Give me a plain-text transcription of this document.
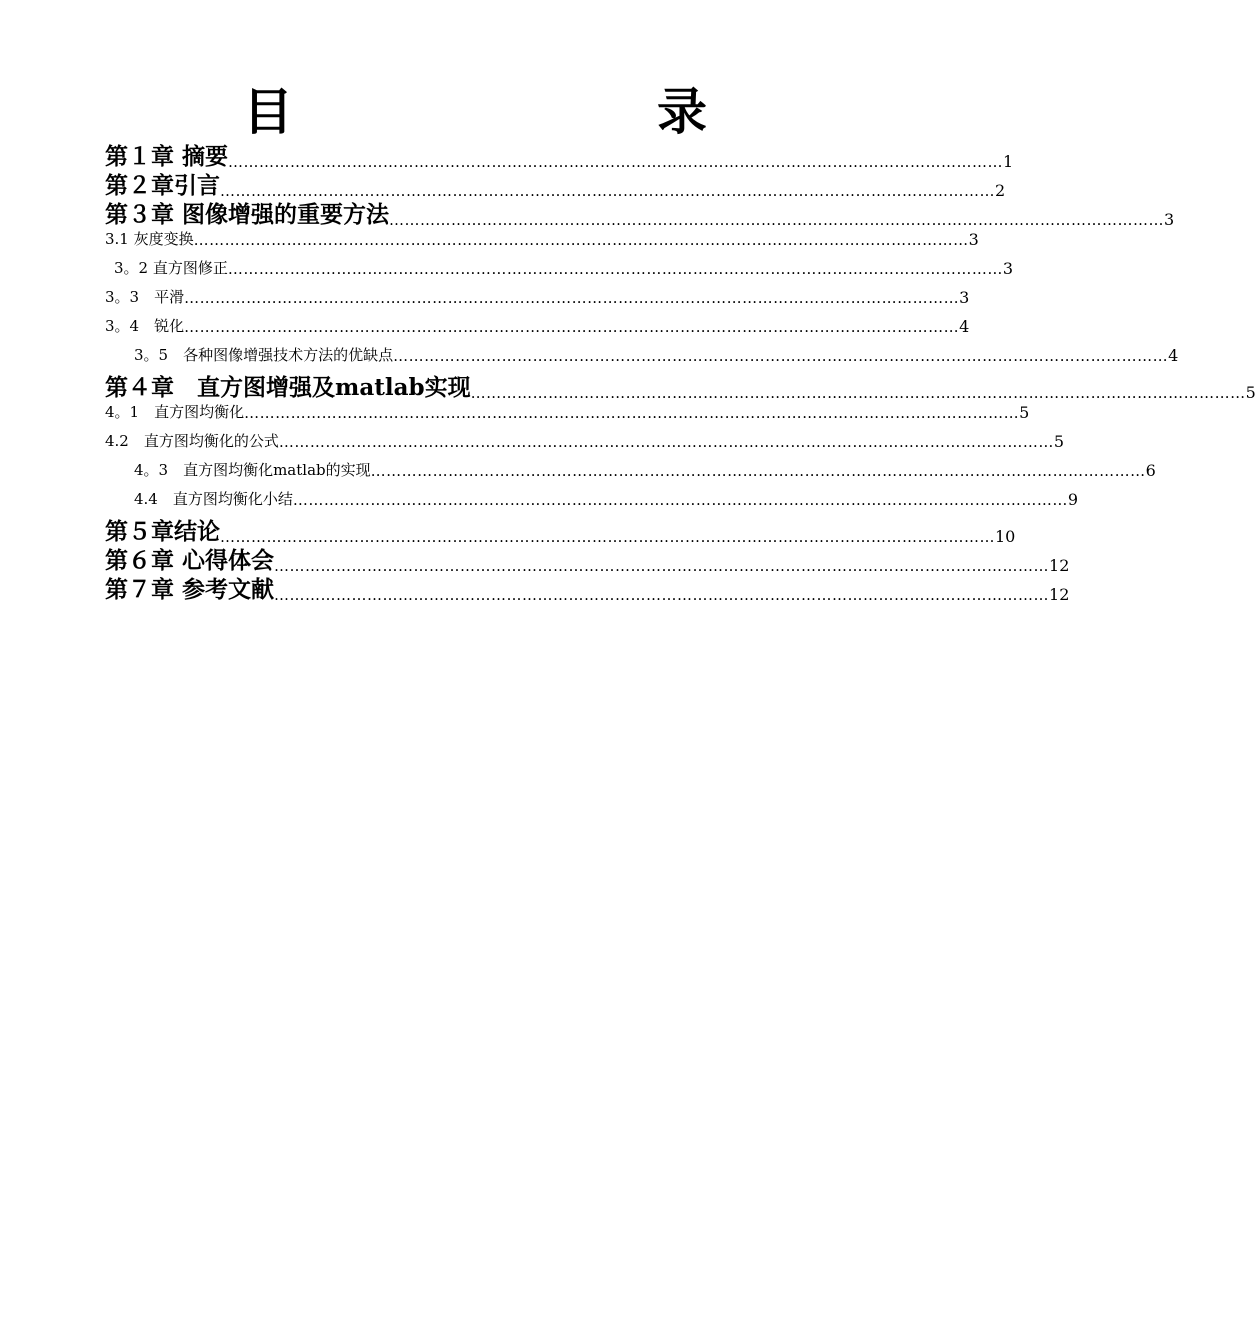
目　　录
第１章 摘要 …………………………………………………………………………………………………………………………………… 1
第２章引言 …………………………………………………………………………………………………………………………………… 2
第３章 图像增强的重要方法 …………………………………………………………………………………………………………………………………… 3
3.1 灰度变换 …………………………………………………………………………………………………………………………………… 3
3。2 直方图修正 …………………………………………………………………………………………………………………………………… 3
3。3　平滑 …………………………………………………………………………………………………………………………………… 3
3。4　锐化 …………………………………………………………………………………………………………………………………… 4
3。5　各种图像增强技术方法的优缺点 …………………………………………………………………………………………………………………………………… 4
第４章　直方图增强及matlab实现 …………………………………………………………………………………………………………………………………… 5
4。1　直方图均衡化 …………………………………………………………………………………………………………………………………… 5
4.2　直方图均衡化的公式 …………………………………………………………………………………………………………………………………… 5
4。3　直方图均衡化matlab的实现 …………………………………………………………………………………………………………………………………… 6
4.4　直方图均衡化小结 …………………………………………………………………………………………………………………………………… 9
第５章结论 …………………………………………………………………………………………………………………………………… 10
第６章 心得体会 …………………………………………………………………………………………………………………………………… 12
第７章 参考文献 …………………………………………………………………………………………………………………………………… 12
